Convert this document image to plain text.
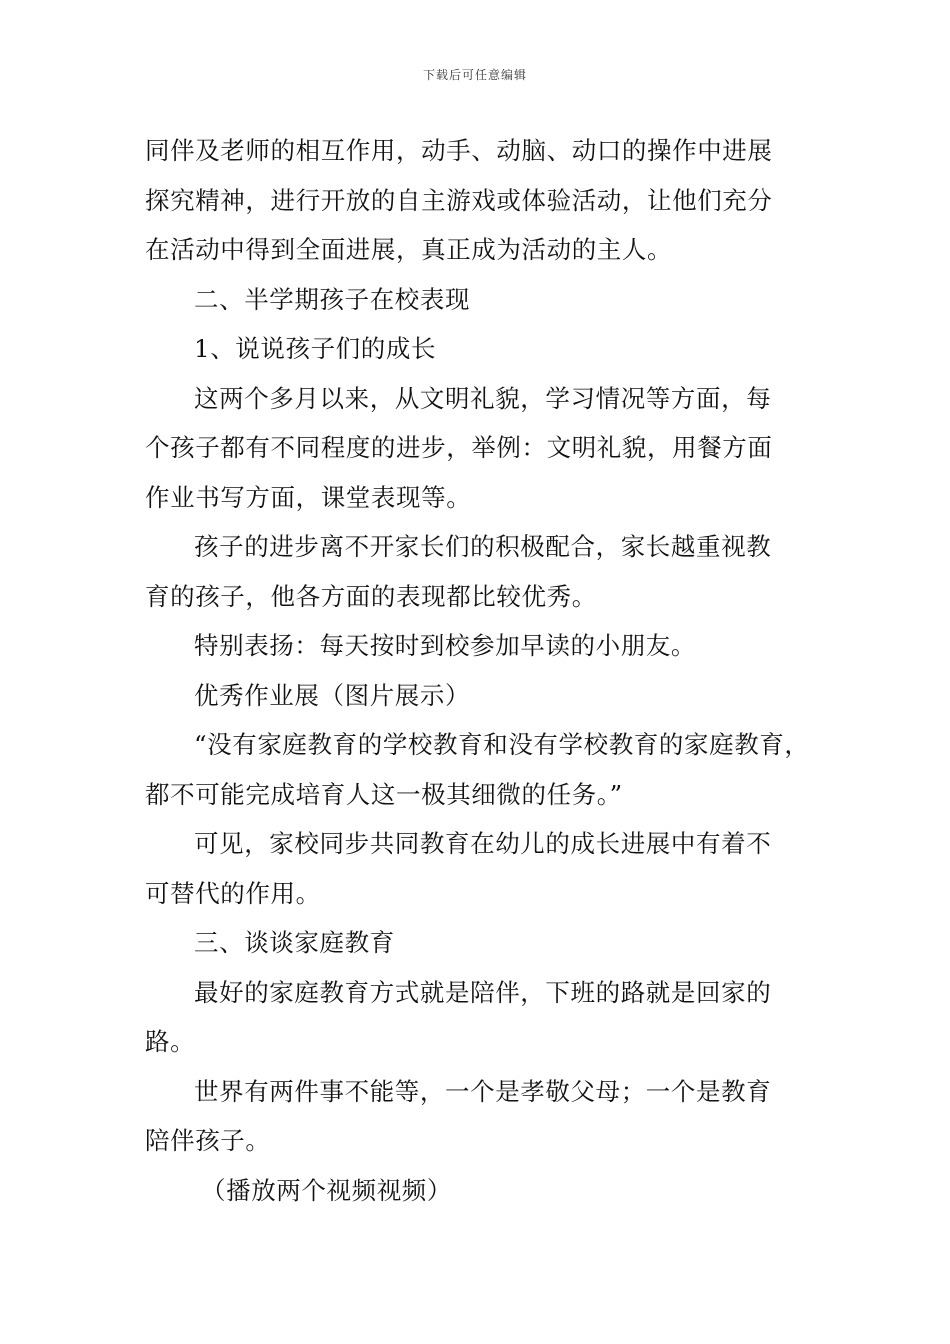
下载后可任意编辑
同伴及老师的相互作用，动手、动脑、动口的操作中进展
探究精神，进行开放的自主游戏或体验活动，让他们充分
在活动中得到全面进展，真正成为活动的主人。
二、半学期孩子在校表现
1、说说孩子们的成长
这两个多月以来，从文明礼貌，学习情况等方面，每
个孩子都有不同程度的进步，举例：文明礼貌，用餐方面
作业书写方面，课堂表现等。
孩子的进步离不开家长们的积极配合，家长越重视教
育的孩子，他各方面的表现都比较优秀。
特别表扬：每天按时到校参加早读的小朋友。
优秀作业展（图片展示）
“没有家庭教育的学校教育和没有学校教育的家庭教育，
都不可能完成培育人这一极其细微的任务。”
可见，家校同步共同教育在幼儿的成长进展中有着不
可替代的作用。
三、谈谈家庭教育
最好的家庭教育方式就是陪伴，下班的路就是回家的
路。
世界有两件事不能等，一个是孝敬父母；一个是教育
陪伴孩子。
（播放两个视频视频）
